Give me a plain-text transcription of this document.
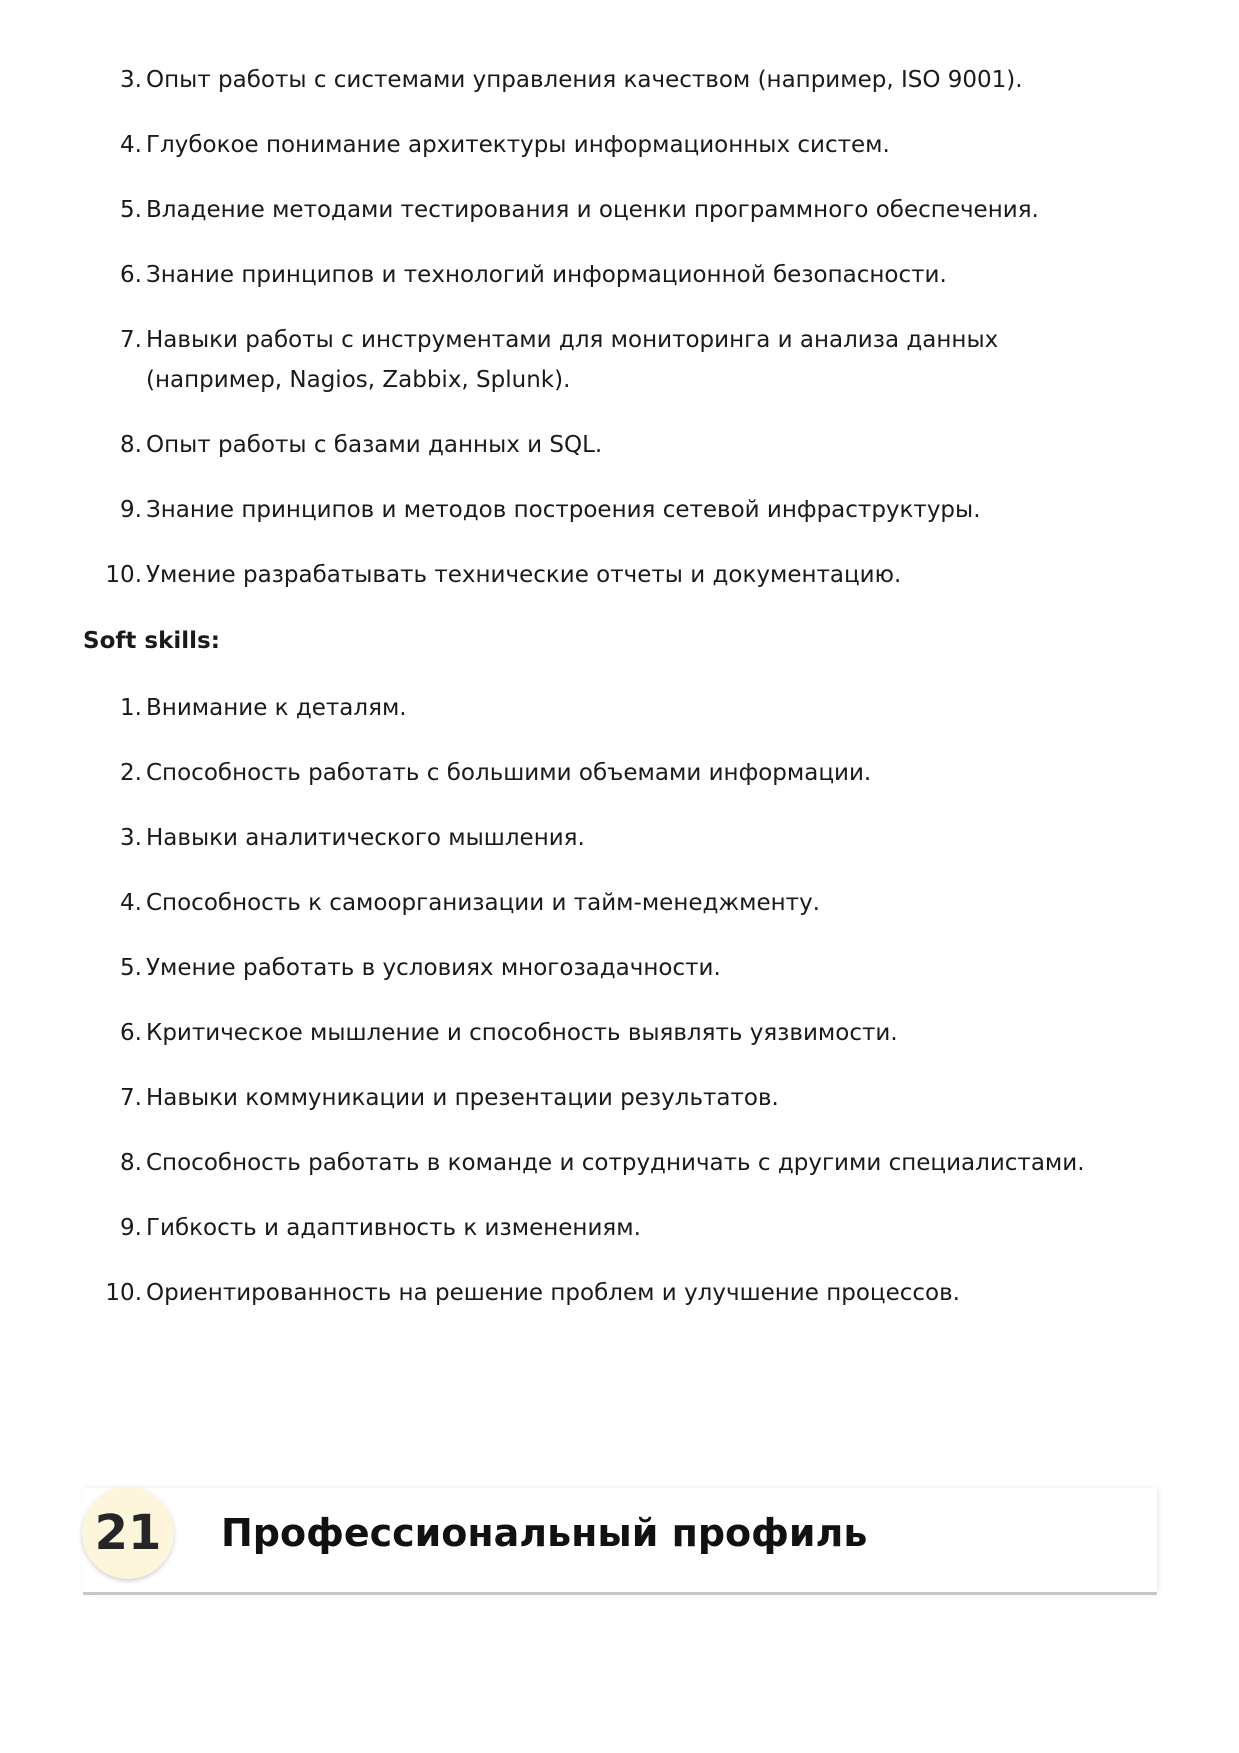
3. Опыт работы с системами управления качеством (например, ISO 9001).
4. Глубокое понимание архитектуры информационных систем.
5. Владение методами тестирования и оценки программного обеспечения.
6. Знание принципов и технологий информационной безопасности.
7. Навыки работы с инструментами для мониторинга и анализа данных (например, Nagios, Zabbix, Splunk).
8. Опыт работы с базами данных и SQL.
9. Знание принципов и методов построения сетевой инфраструктуры.
10. Умение разрабатывать технические отчеты и документацию.
Soft skills:
1. Внимание к деталям.
2. Способность работать с большими объемами информации.
3. Навыки аналитического мышления.
4. Способность к самоорганизации и тайм-менеджменту.
5. Умение работать в условиях многозадачности.
6. Критическое мышление и способность выявлять уязвимости.
7. Навыки коммуникации и презентации результатов.
8. Способность работать в команде и сотрудничать с другими специалистами.
9. Гибкость и адаптивность к изменениям.
10. Ориентированность на решение проблем и улучшение процессов.
21	Профессиональный профиль
